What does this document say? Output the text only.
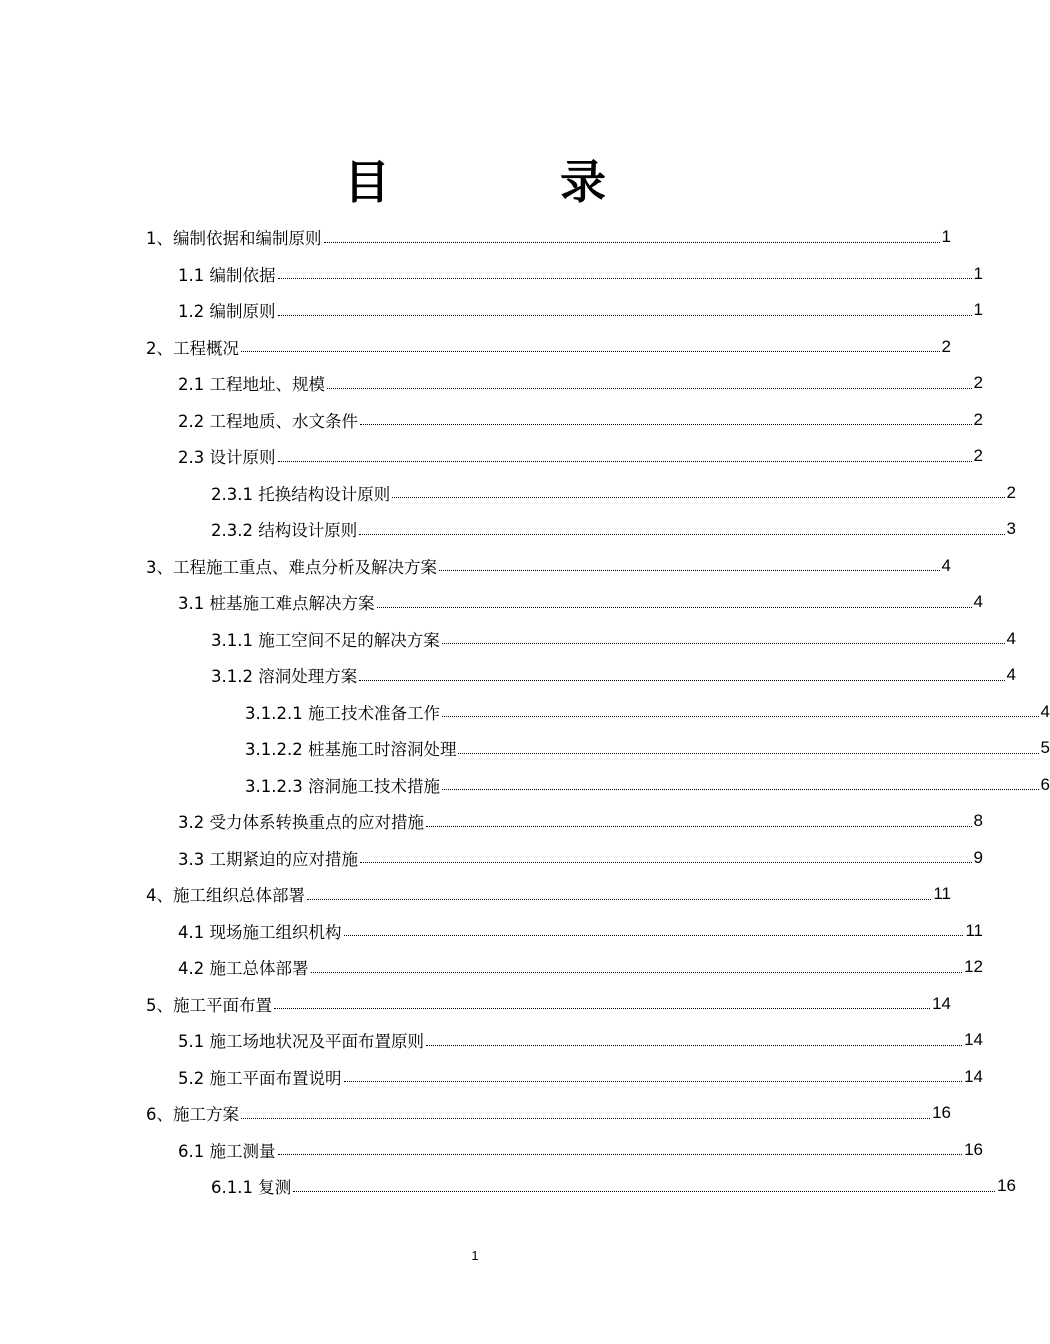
目　录
1、编制依据和编制原则	1
1.1 编制依据	1
1.2 编制原则	1
2、工程概况	2
2.1 工程地址、规模	2
2.2 工程地质、水文条件	2
2.3 设计原则	2
2.3.1 托换结构设计原则	2
2.3.2 结构设计原则	3
3、工程施工重点、难点分析及解决方案	4
3.1 桩基施工难点解决方案	4
3.1.1 施工空间不足的解决方案	4
3.1.2 溶洞处理方案	4
3.1.2.1 施工技术准备工作	4
3.1.2.2 桩基施工时溶洞处理	5
3.1.2.3 溶洞施工技术措施	6
3.2 受力体系转换重点的应对措施	8
3.3 工期紧迫的应对措施	9
4、施工组织总体部署	11
4.1 现场施工组织机构	11
4.2 施工总体部署	12
5、施工平面布置	14
5.1 施工场地状况及平面布置原则	14
5.2 施工平面布置说明	14
6、施工方案	16
6.1 施工测量	16
6.1.1 复测	16
1
